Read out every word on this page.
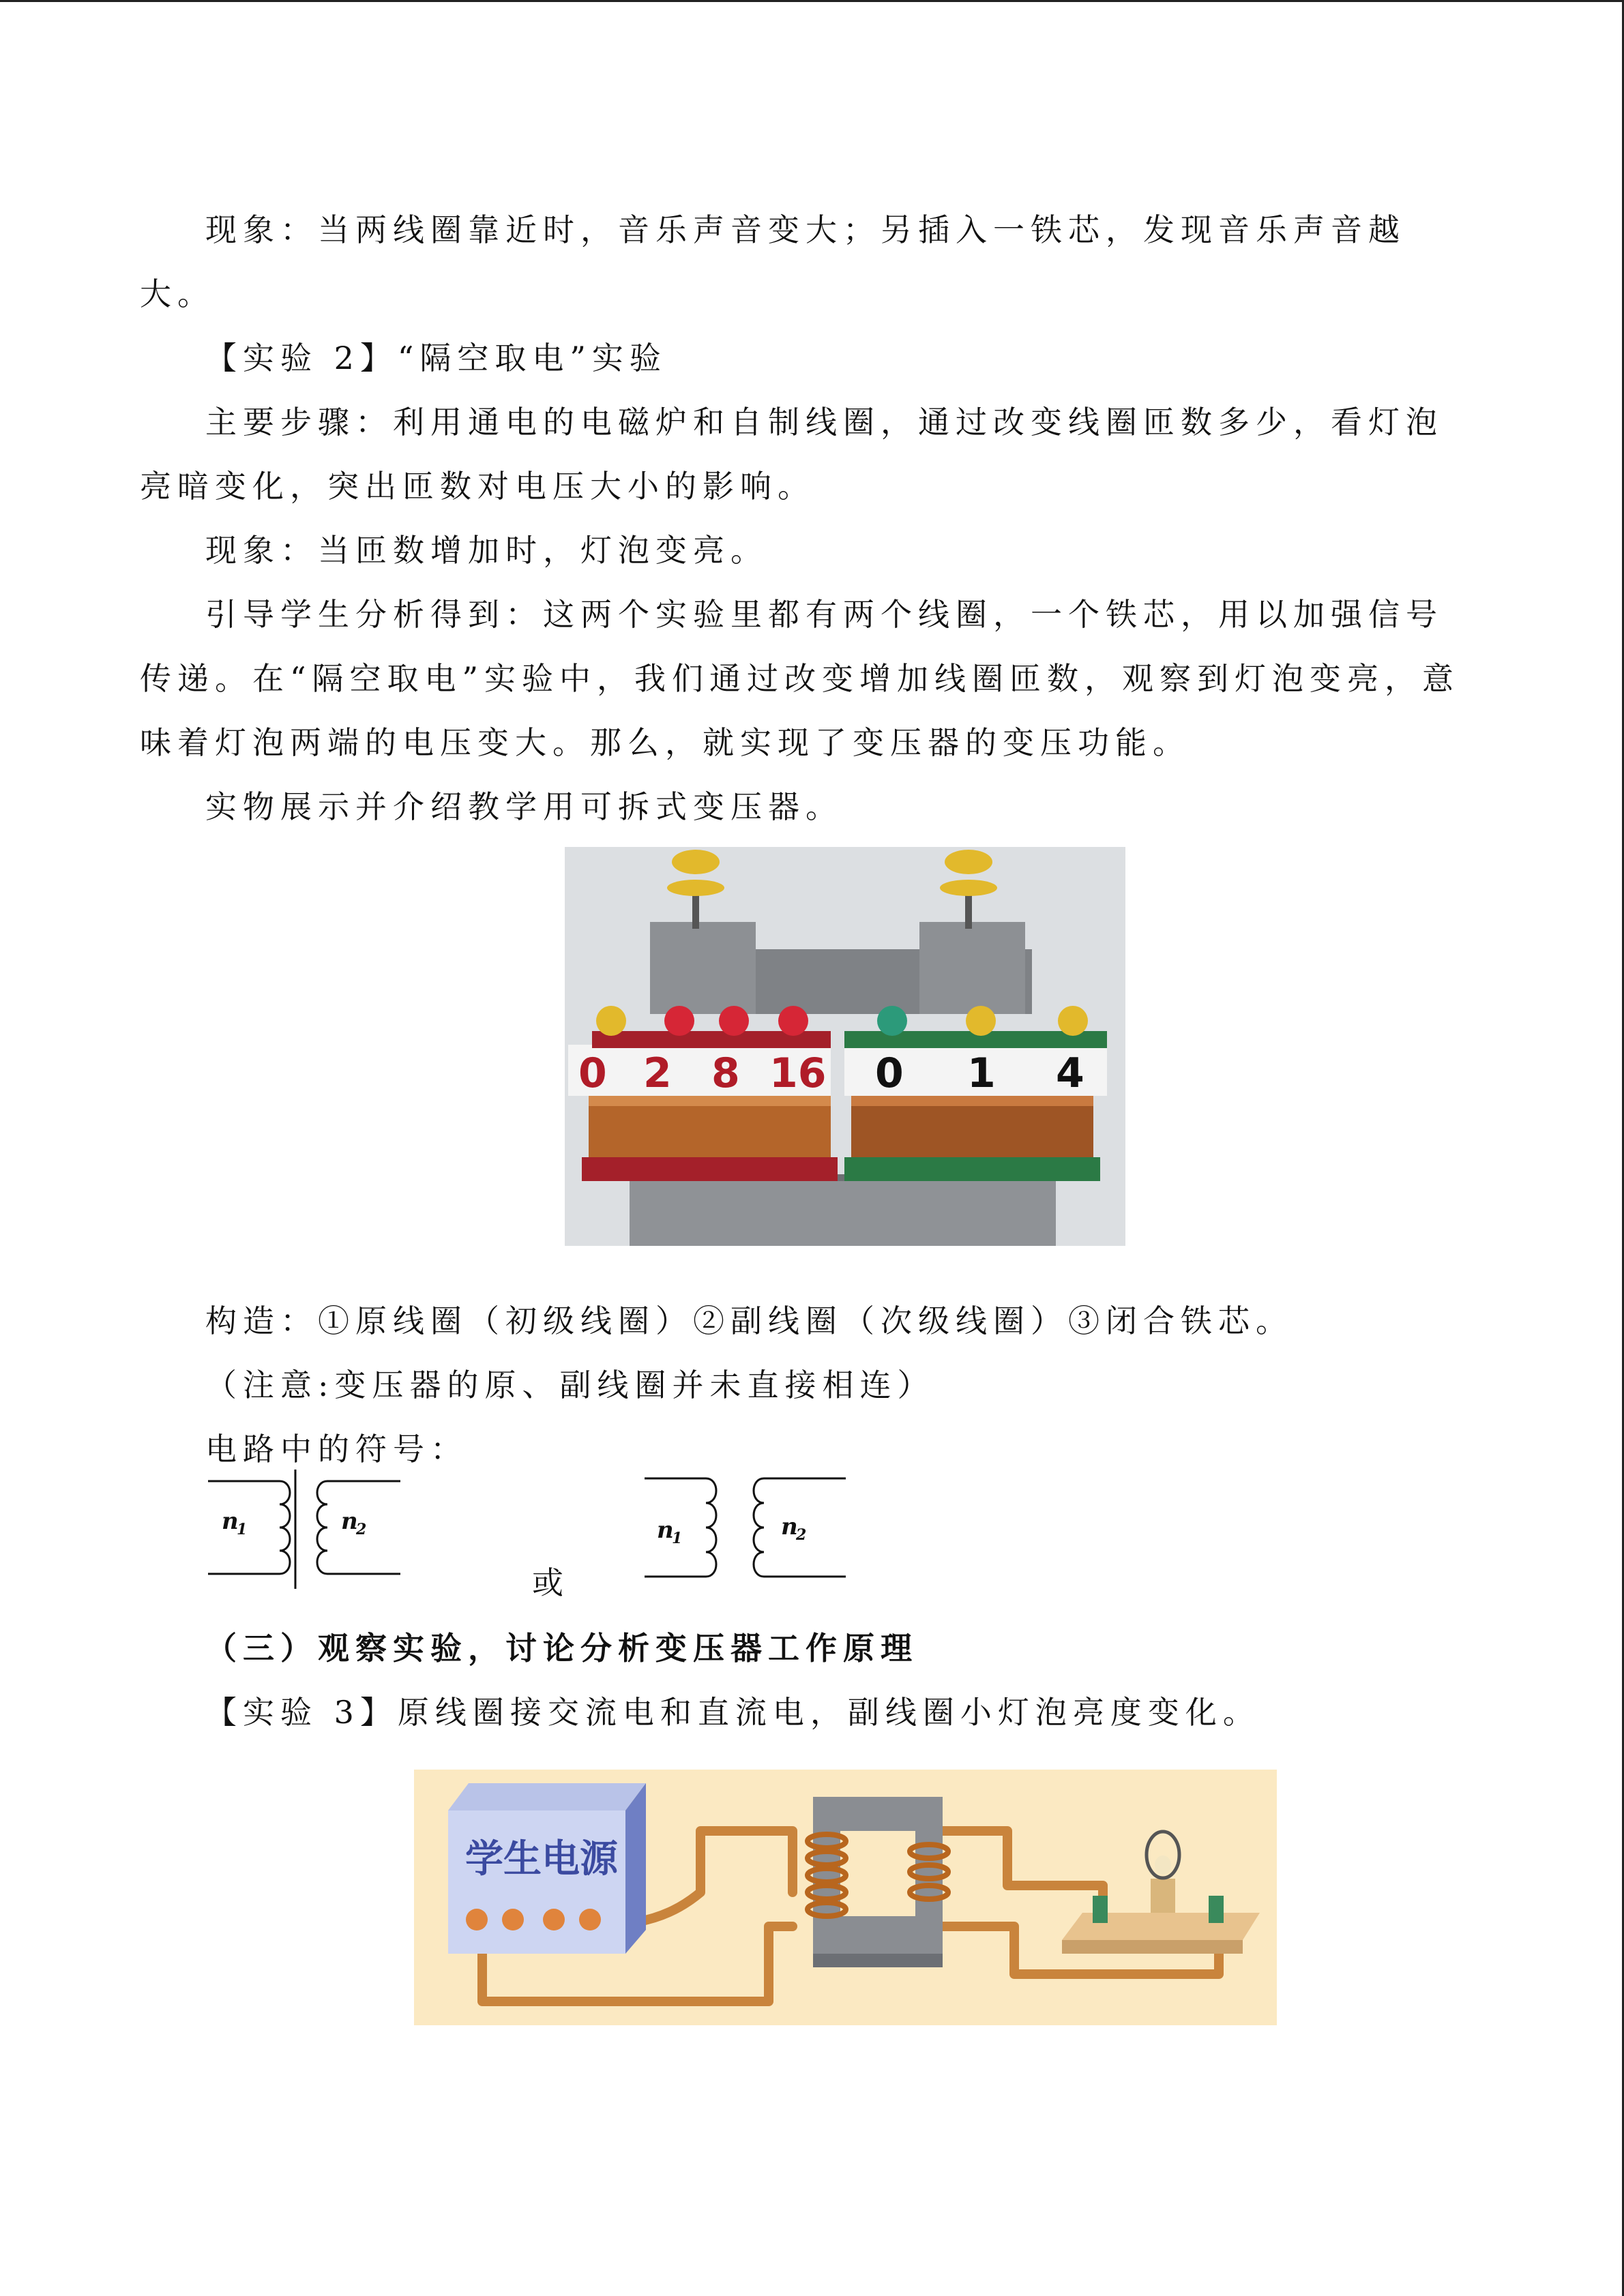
现象：当两线圈靠近时，音乐声音变大；另插入一铁芯，发现音乐声音越大。

【实验 2】“隔空取电”实验

主要步骤：利用通电的电磁炉和自制线圈，通过改变线圈匝数多少，看灯泡亮暗变化，突出匝数对电压大小的影响。

现象：当匝数增加时，灯泡变亮。

引导学生分析得到：这两个实验里都有两个线圈，一个铁芯，用以加强信号传递。在“隔空取电”实验中，我们通过改变增加线圈匝数，观察到灯泡变亮，意味着灯泡两端的电压变大。那么，就实现了变压器的变压功能。

实物展示并介绍教学用可拆式变压器。

构造：①原线圈（初级线圈）②副线圈（次级线圈）③闭合铁芯。

（注意:变压器的原、副线圈并未直接相连）

电路中的符号：

（三）观察实验，讨论分析变压器工作原理

【实验 3】原线圈接交流电和直流电，副线圈小灯泡亮度变化。

0 2 8 16 0 1 4
n
1	n
2	n
1	n
2
或
学生电源
